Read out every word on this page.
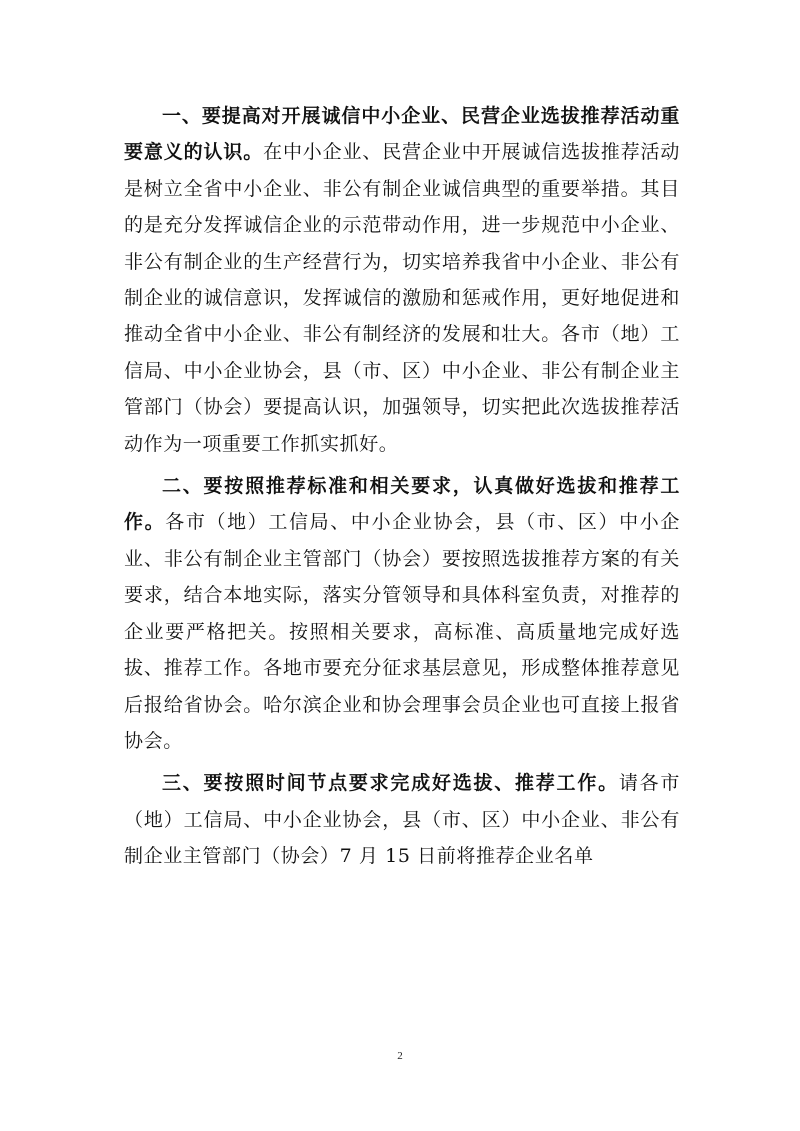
一、要提高对开展诚信中小企业、民营企业选拔推荐活动重要意义的认识。在中小企业、民营企业中开展诚信选拔推荐活动是树立全省中小企业、非公有制企业诚信典型的重要举措。其目的是充分发挥诚信企业的示范带动作用，进一步规范中小企业、非公有制企业的生产经营行为，切实培养我省中小企业、非公有制企业的诚信意识，发挥诚信的激励和惩戒作用，更好地促进和推动全省中小企业、非公有制经济的发展和壮大。各市（地）工信局、中小企业协会，县（市、区）中小企业、非公有制企业主管部门（协会）要提高认识，加强领导，切实把此次选拔推荐活动作为一项重要工作抓实抓好。

二、要按照推荐标准和相关要求，认真做好选拔和推荐工作。各市（地）工信局、中小企业协会，县（市、区）中小企业、非公有制企业主管部门（协会）要按照选拔推荐方案的有关要求，结合本地实际，落实分管领导和具体科室负责，对推荐的企业要严格把关。按照相关要求，高标准、高质量地完成好选拔、推荐工作。各地市要充分征求基层意见，形成整体推荐意见后报给省协会。哈尔滨企业和协会理事会员企业也可直接上报省协会。

三、要按照时间节点要求完成好选拔、推荐工作。请各市（地）工信局、中小企业协会，县（市、区）中小企业、非公有制企业主管部门（协会）7 月 15 日前将推荐企业名单

2
